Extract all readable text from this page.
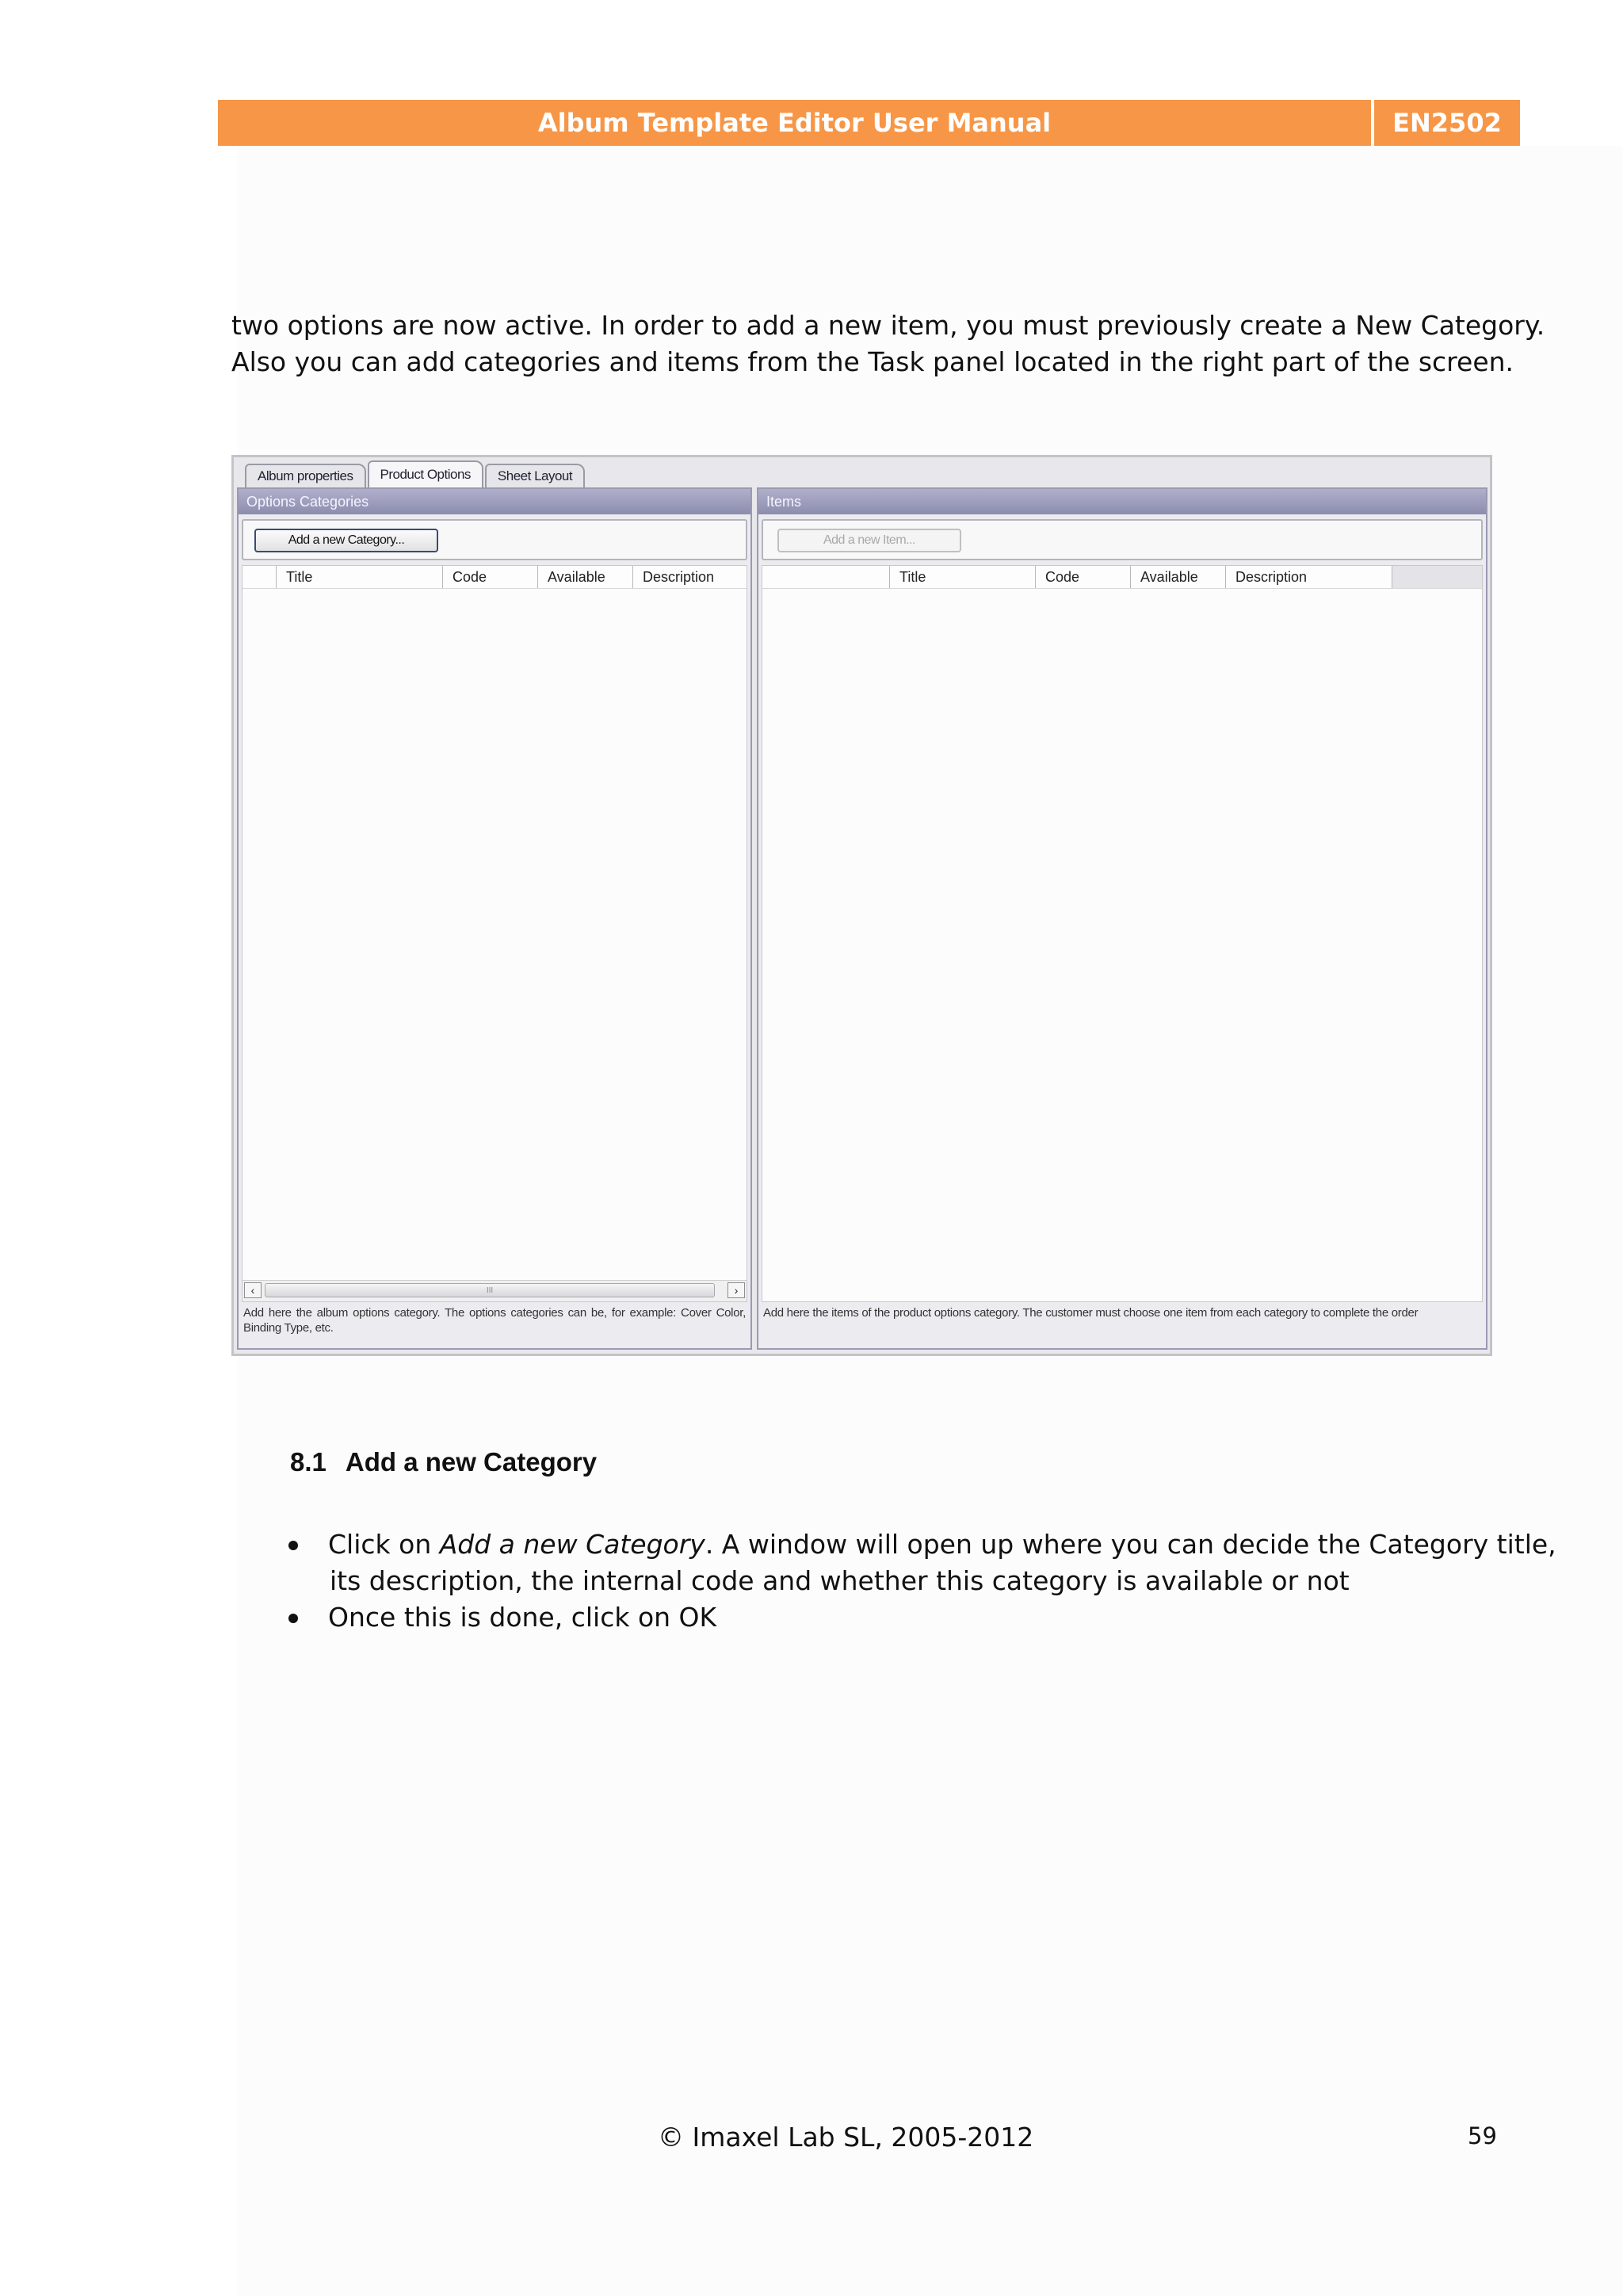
Album Template Editor User Manual	EN2502

two options are now active. In order to add a new item, you must previously create a New Category.

Also you can add categories and items from the Task panel located in the right part of the screen.

Album properties	Product Options	Sheet Layout
Options Categories
Add a new Category...
Title	Code	Available	Description
‹	III	›
Add here the album options category. The options categories can be, for example: Cover Color, Binding Type, etc.
Items
Add a new Item...
Title	Code	Available	Description
Add here the items of the product options category. The customer must choose one item from each category to complete the order
8.1 Add a new Category
Click on Add a new Category. A window will open up where you can decide the Category title,
its description, the internal code and whether this category is available or not
Once this is done, click on OK
© Imaxel Lab SL, 2005-2012	59
